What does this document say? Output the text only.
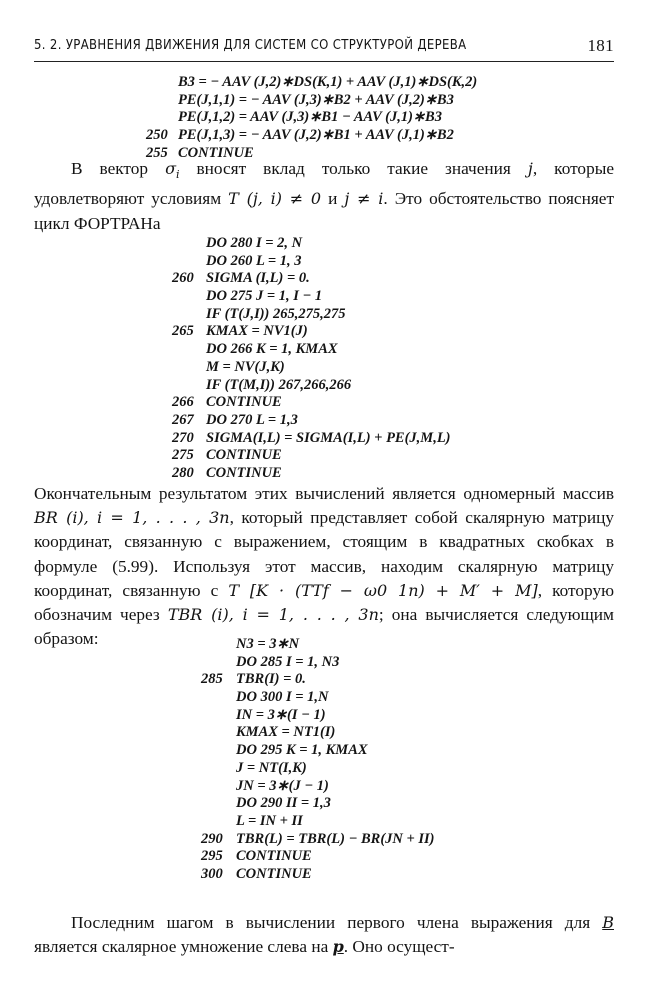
5. 2. УРАВНЕНИЯ ДВИЖЕНИЯ ДЛЯ СИСТЕМ СО СТРУКТУРОЙ ДЕРЕВА	181
B3 = − AAV (J,2)∗DS(K,1) + AAV (J,1)∗DS(K,2)
PE(J,1,1) = − AAV (J,3)∗B2 + AAV (J,2)∗B3
PE(J,1,2) = AAV (J,3)∗B1 − AAV (J,1)∗B3
250 PE(J,1,3) = − AAV (J,2)∗B1 + AAV (J,1)∗B2
255 CONTINUE

В вектор $\sigma_i$ вносят вклад только такие значения j, которые удовлетворяют условиям T (j, i) ≠ 0 и j ≠ i. Это обстоятельство поясняет цикл ФОРТРАНа

DO 280 I = 2, N
DO 260 L = 1, 3
260 SIGMA (I,L) = 0.
DO 275 J = 1, I − 1
IF (T(J,I)) 265,275,275
265 KMAX = NV1(J)
DO 266 K = 1, KMAX
M = NV(J,K)
IF (T(M,I)) 267,266,266
266 CONTINUE
267 DO 270 L = 1,3
270 SIGMA(I,L) = SIGMA(I,L) + PE(J,M,L)
275 CONTINUE
280 CONTINUE

Окончательным результатом этих вычислений является одномерный массив BR (i), i = 1, . . . , 3n, который представляет собой скалярную матрицу координат, связанную с выражением, стоящим в квадратных скобках в формуле (5.99). Используя этот массив, находим скалярную матрицу координат, связанную с T [K · (TTf − ω0 1n) + M′ + M], которую обозначим через TBR (i), i = 1, . . . , 3n; она вычисляется следующим образом:	N3 = 3∗N
DO 285 I = 1, N3
285 TBR(I) = 0.
DO 300 I = 1,N
IN = 3∗(I − 1)
KMAX = NT1(I)
DO 295 K = 1, KMAX
J = NT(I,K)
JN = 3∗(J − 1)
DO 290 II = 1,3
L = IN + II
290 TBR(L) = TBR(L) − BR(JN + II)
295 CONTINUE
300 CONTINUE

Последним шагом в вычислении первого члена выражения для B является скалярное умножение слева на p. Оно осущест-
